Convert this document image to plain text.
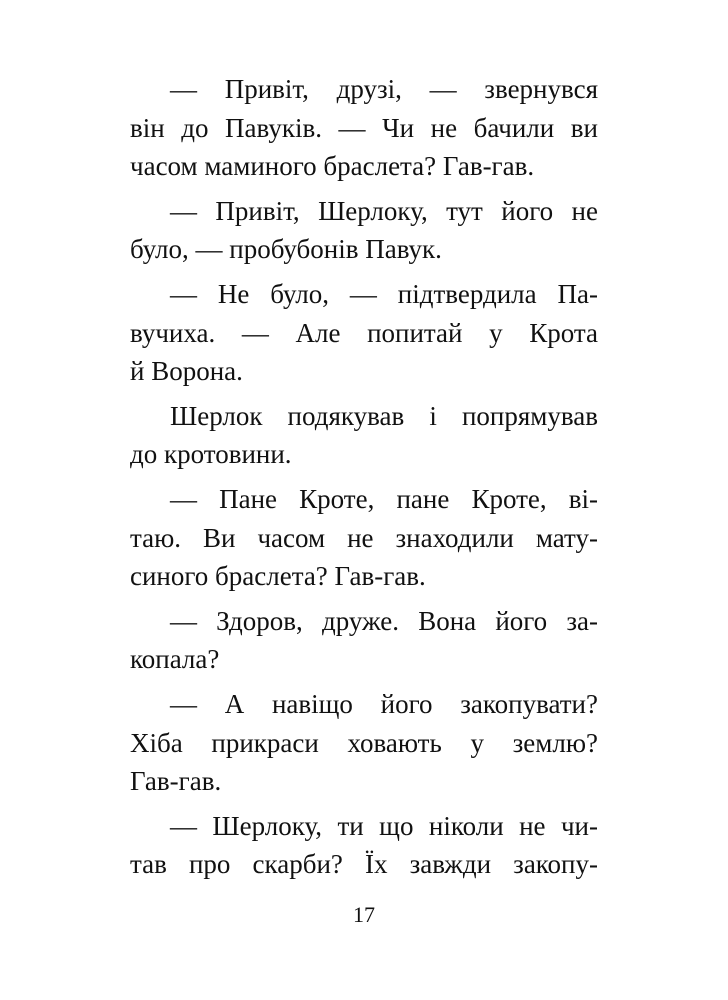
— Привіт, друзі, — звернувся
він до Павуків. — Чи не бачили ви
часом маминого браслета? Гав-гав.
— Привіт, Шерлоку, тут його не
було, — пробубонів Павук.
— Не було, — підтвердила Па-
вучиха. — Але попитай у Крота
й Ворона.
Шерлок подякував і попрямував
до кротовини.
— Пане Кроте, пане Кроте, ві-
таю. Ви часом не знаходили мату-
синого браслета? Гав-гав.
— Здоров, друже. Вона його за-
копала?
— А навіщо його закопувати?
Хіба прикраси ховають у землю?
Гав-гав.
— Шерлоку, ти що ніколи не чи-
тав про скарби? Їх завжди закопу-
17
